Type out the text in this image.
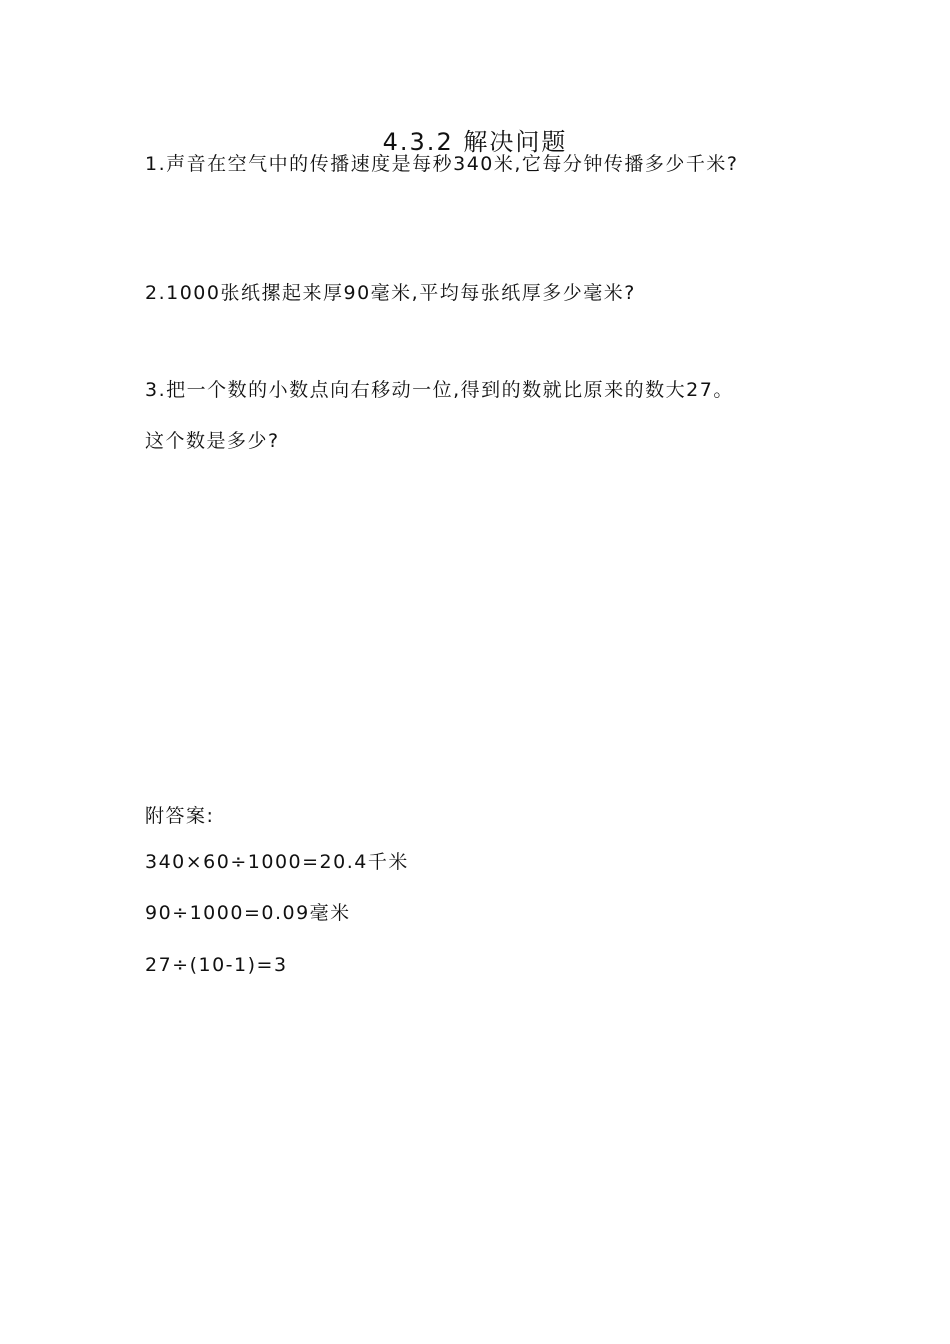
4.3.2 解决问题
1.声音在空气中的传播速度是每秒340米,它每分钟传播多少千米?
2.1000张纸摞起来厚90毫米,平均每张纸厚多少毫米?
3.把一个数的小数点向右移动一位,得到的数就比原来的数大27。
这个数是多少?
附答案:
340×60÷1000=20.4千米
90÷1000=0.09毫米
27÷(10-1)=3
